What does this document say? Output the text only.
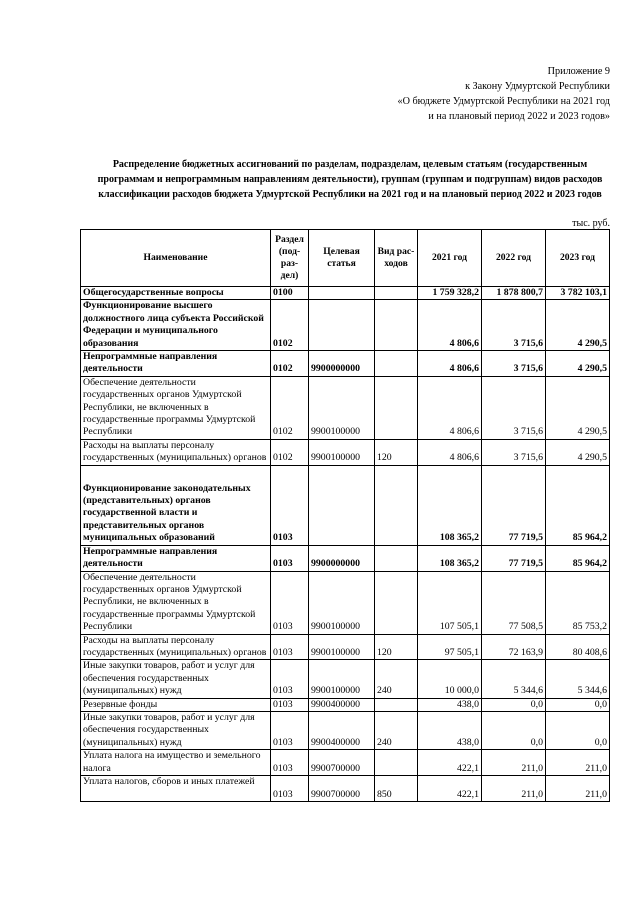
Приложение 9
к Закону Удмуртской Республики
«О бюджете Удмуртской Республики на 2021 год
и на плановый период 2022 и 2023 годов»
Распределение бюджетных ассигнований по разделам, подразделам, целевым статьям (государственным
программам и непрограммным направлениям деятельности), группам (группам и подгруппам) видов расходов
классификации расходов бюджета Удмуртской Республики на 2021 год и на плановый период 2022 и 2023 годов
тыс. руб.
Наименование	Раздел (под-раз-дел)	Целевая статья	Вид рас-ходов	2021 год	2022 год	2023 год
Общегосударственные вопросы	0100			1 759 328,2	1 878 800,7	3 782 103,1
Функционирование высшего должностного лица субъекта Российской Федерации и муниципального образования	0102			4 806,6	3 715,6	4 290,5
Непрограммные направления деятельности	0102	9900000000		4 806,6	3 715,6	4 290,5
Обеспечение деятельности государственных органов Удмуртской Республики, не включенных в государственные программы Удмуртской Республики	0102	9900100000		4 806,6	3 715,6	4 290,5
Расходы на выплаты персоналу государственных (муниципальных) органов	0102	9900100000	120	4 806,6	3 715,6	4 290,5
Функционирование законодательных (представительных) органов государственной власти и представительных органов муниципальных образований	0103			108 365,2	77 719,5	85 964,2
Непрограммные направления деятельности	0103	9900000000		108 365,2	77 719,5	85 964,2
Обеспечение деятельности государственных органов Удмуртской Республики, не включенных в государственные программы Удмуртской Республики	0103	9900100000		107 505,1	77 508,5	85 753,2
Расходы на выплаты персоналу государственных (муниципальных) органов	0103	9900100000	120	97 505,1	72 163,9	80 408,6
Иные закупки товаров, работ и услуг для обеспечения государственных (муниципальных) нужд	0103	9900100000	240	10 000,0	5 344,6	5 344,6
Резервные фонды	0103	9900400000		438,0	0,0	0,0
Иные закупки товаров, работ и услуг для обеспечения государственных (муниципальных) нужд	0103	9900400000	240	438,0	0,0	0,0
Уплата налога на имущество и земельного налога	0103	9900700000		422,1	211,0	211,0
Уплата налогов, сборов и иных платежей	0103	9900700000	850	422,1	211,0	211,0
